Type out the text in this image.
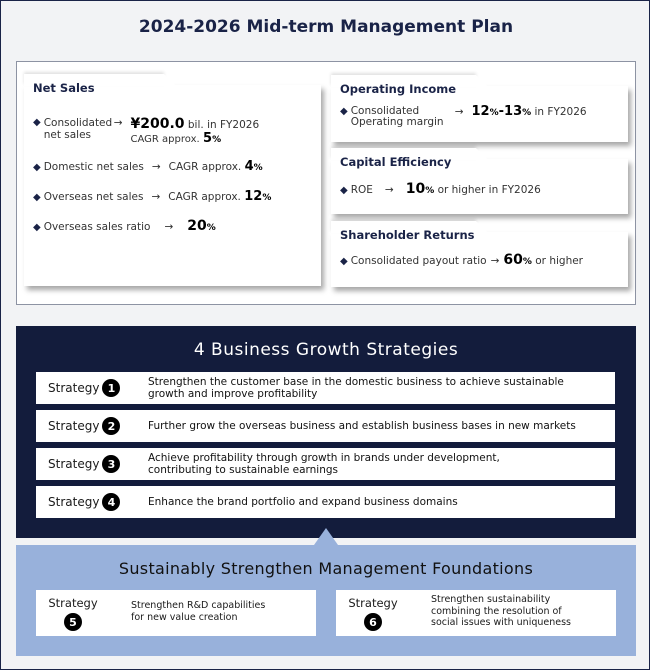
2024-2026 Mid-term Management Plan
Net Sales
◆ Consolidated net sales
→ ¥200.0 bil. in FY2026
CAGR approx. 5%
◆ Domestic net sales → CAGR approx.
4 %
◆ Overseas net sales → CAGR approx.
12 %
◆ Overseas sales ratio → 20 %
Operating Income
◆ Consolidated
Operating margin
→ 12%-13% in FY2026
Capital Efficiency
◆ ROE → 10 %
or higher in FY2026
Shareholder Returns
◆ Consolidated payout ratio → 60 %
or higher
4 Business Growth Strategies
Strategy 1	Strengthen the customer base in the domestic business to achieve sustainable
growth and improve profitability
Strategy 2	Further grow the overseas business and establish business bases in new markets
Strategy 3	Achieve profitability through growth in brands under development,
contributing to sustainable earnings
Strategy 4	Enhance the brand portfolio and expand business domains
Sustainably Strengthen Management Foundations
Strategy
5
Strengthen R&D capabilities
for new value creation
Strategy
6
Strengthen sustainability
combining the resolution of
social issues with uniqueness
